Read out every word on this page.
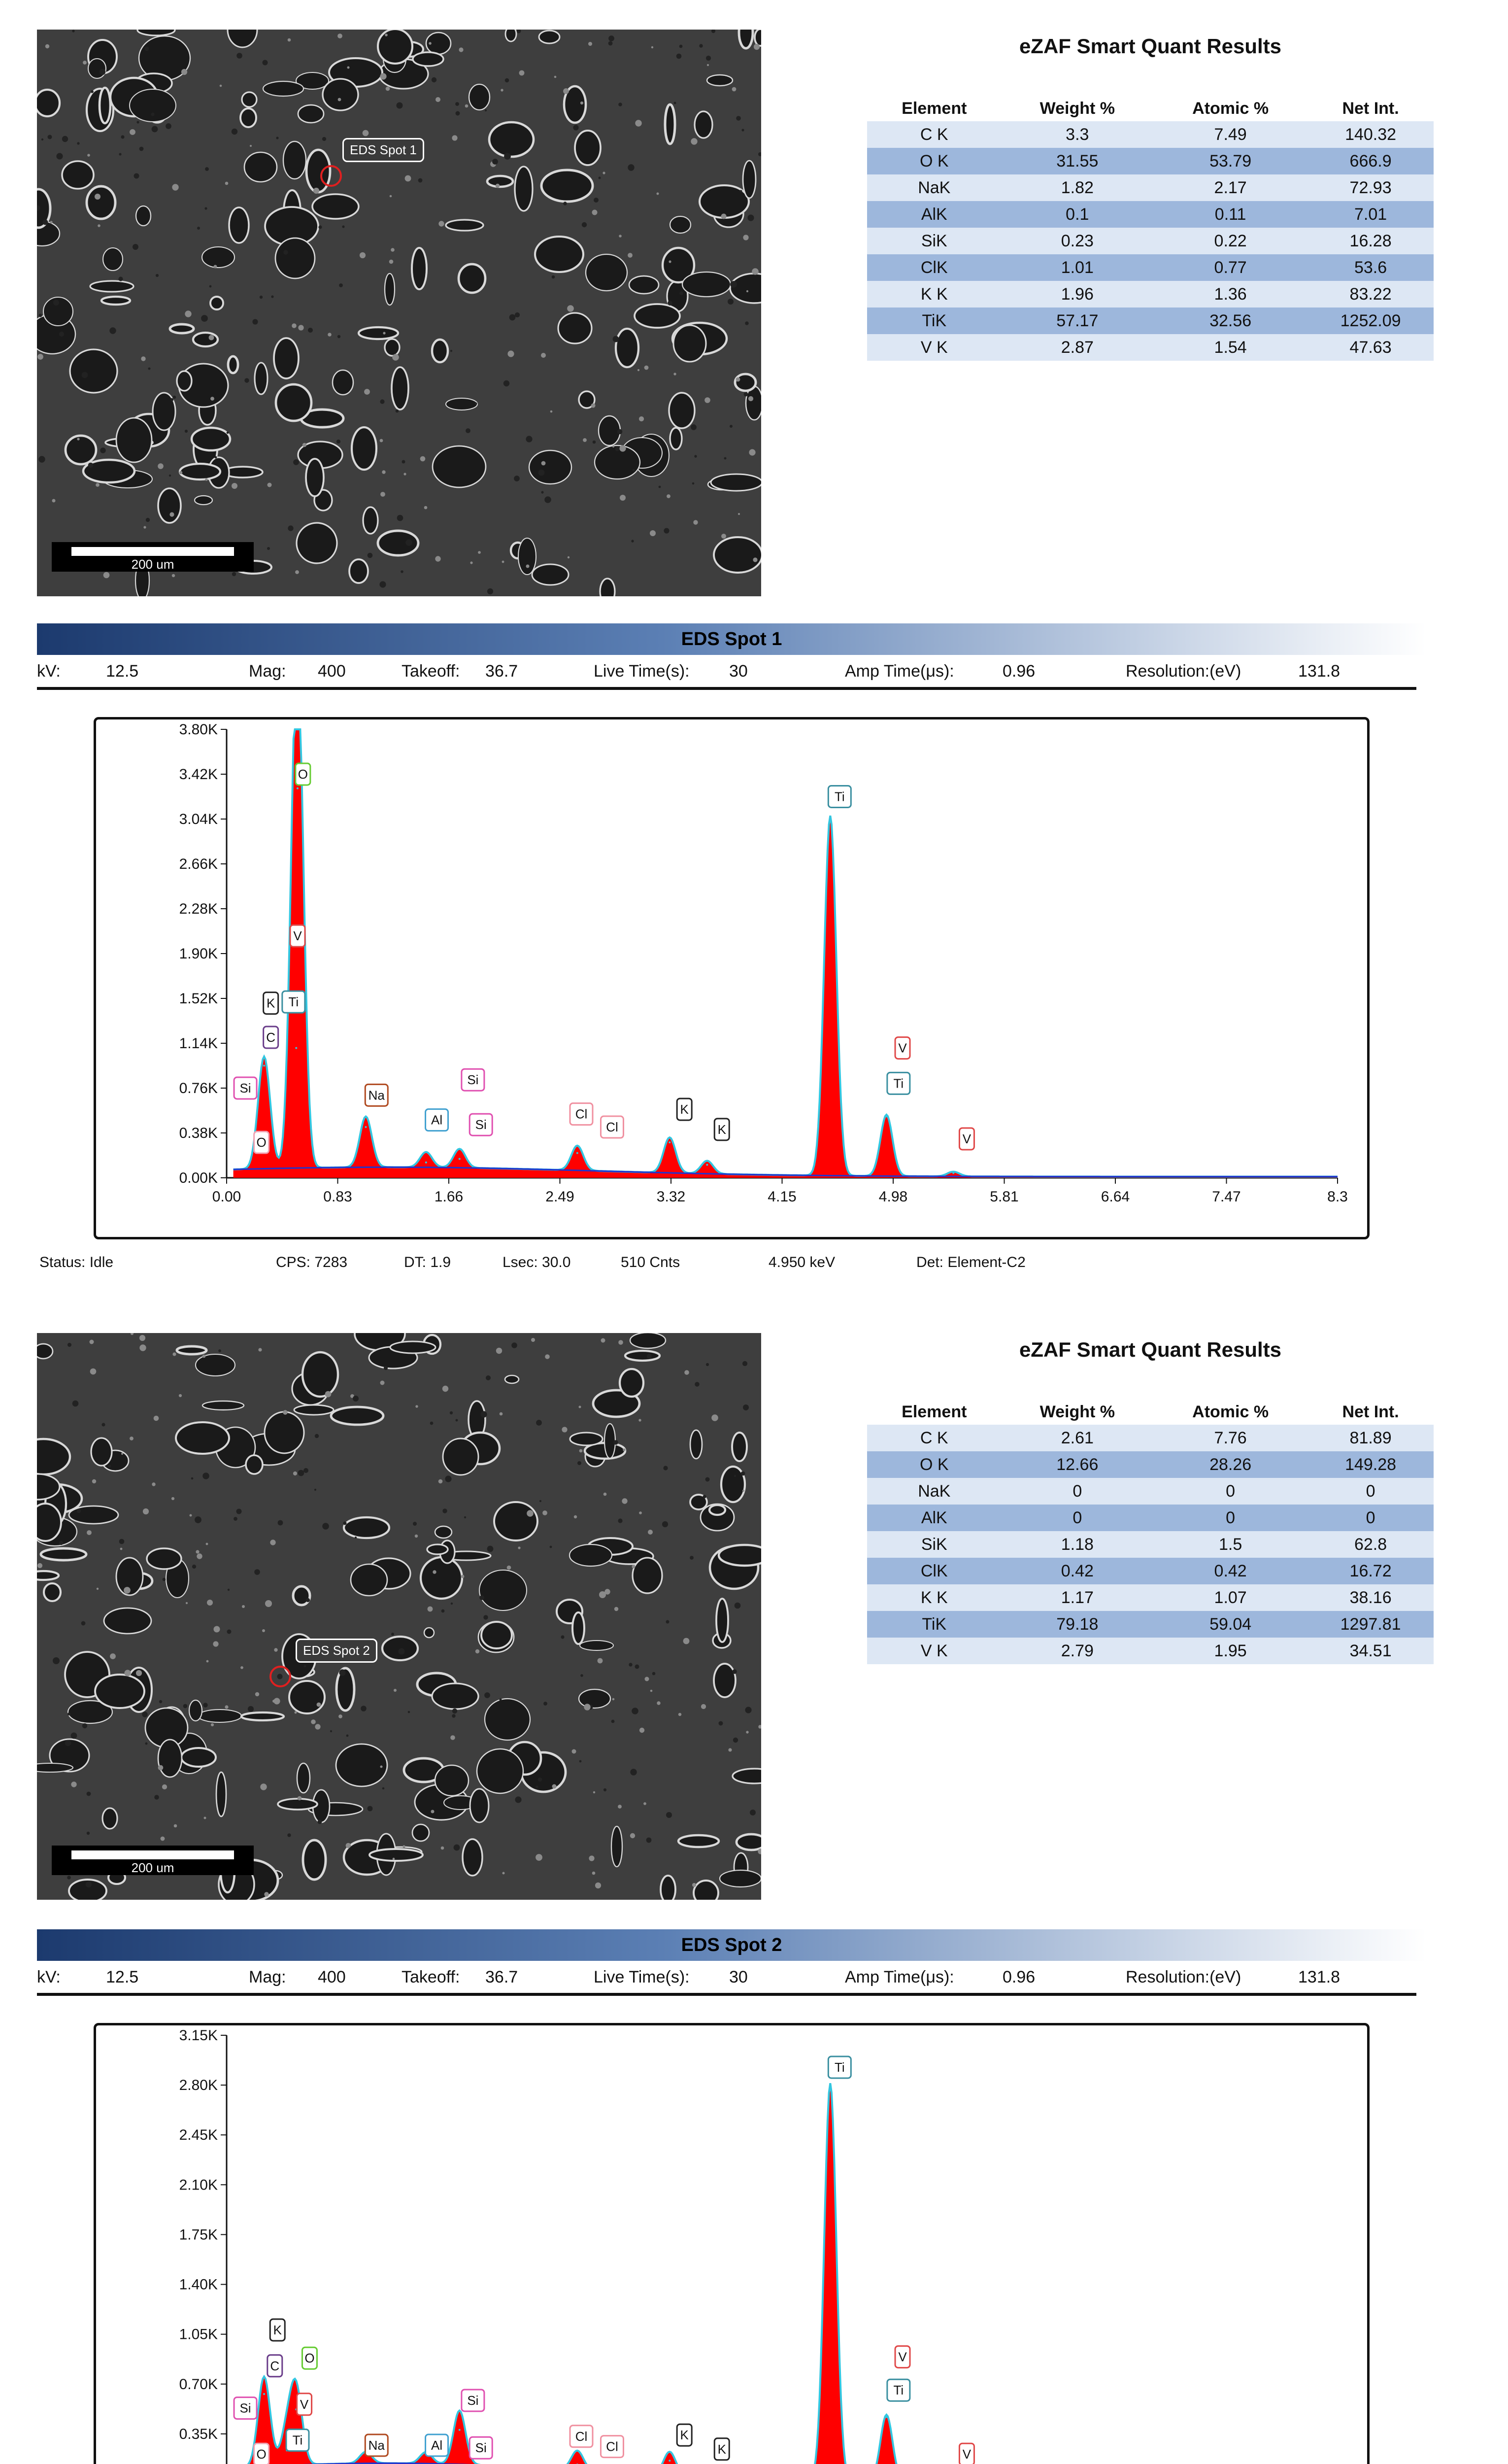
EDS Spot 1
200 um
eZAF Smart Quant Results
Element	Weight %	Atomic %	Net Int.
C K	3.3	7.49	140.32
O K	31.55	53.79	666.9
NaK	1.82	2.17	72.93
AlK	0.1	0.11	7.01
SiK	0.23	0.22	16.28
ClK	1.01	0.77	53.6
K K	1.96	1.36	83.22
TiK	57.17	32.56	1252.09
V K	2.87	1.54	47.63
EDS Spot 1
kV:	12.5	Mag: 400	Takeoff: 36.7	Live Time(s): 30	Amp Time(μs):	0.96	Resolution:(eV)	131.8
0.00K
0.38K
0.76K
1.14K
1.52K
1.90K
2.28K
2.66K
3.04K
3.42K
3.80K
0.00	0.83	1.66	2.49	3.32	4.15	4.98	5.81	6.64	7.47	8.3
O
V
K Ti
C
Si
O
Na
Al
Si
Si
Cl
Cl
K
K
Ti
V
Ti
V
Status: Idle	CPS: 7283	DT: 1.9	Lsec: 30.0	510 Cnts	4.950 keV	Det: Element-C2
EDS Spot 2
200 um
eZAF Smart Quant Results
Element	Weight %	Atomic %	Net Int.
C K	2.61	7.76	81.89
O K	12.66	28.26	149.28
NaK	0	0	0
AlK	0	0	0
SiK	1.18	1.5	62.8
ClK	0.42	0.42	16.72
K K	1.17	1.07	38.16
TiK	79.18	59.04	1297.81
V K	2.79	1.95	34.51
EDS Spot 2
kV:	12.5	Mag: 400	Takeoff: 36.7	Live Time(s): 30	Amp Time(μs):	0.96	Resolution:(eV)	131.8
0.35K
0.70K
1.05K
1.40K
1.75K
2.10K
2.45K
2.80K
3.15K
K
C
O
Si	V
O
Ti	Na	Al
Si
Si
Cl
Cl
K
K
Ti
V
Ti
V
